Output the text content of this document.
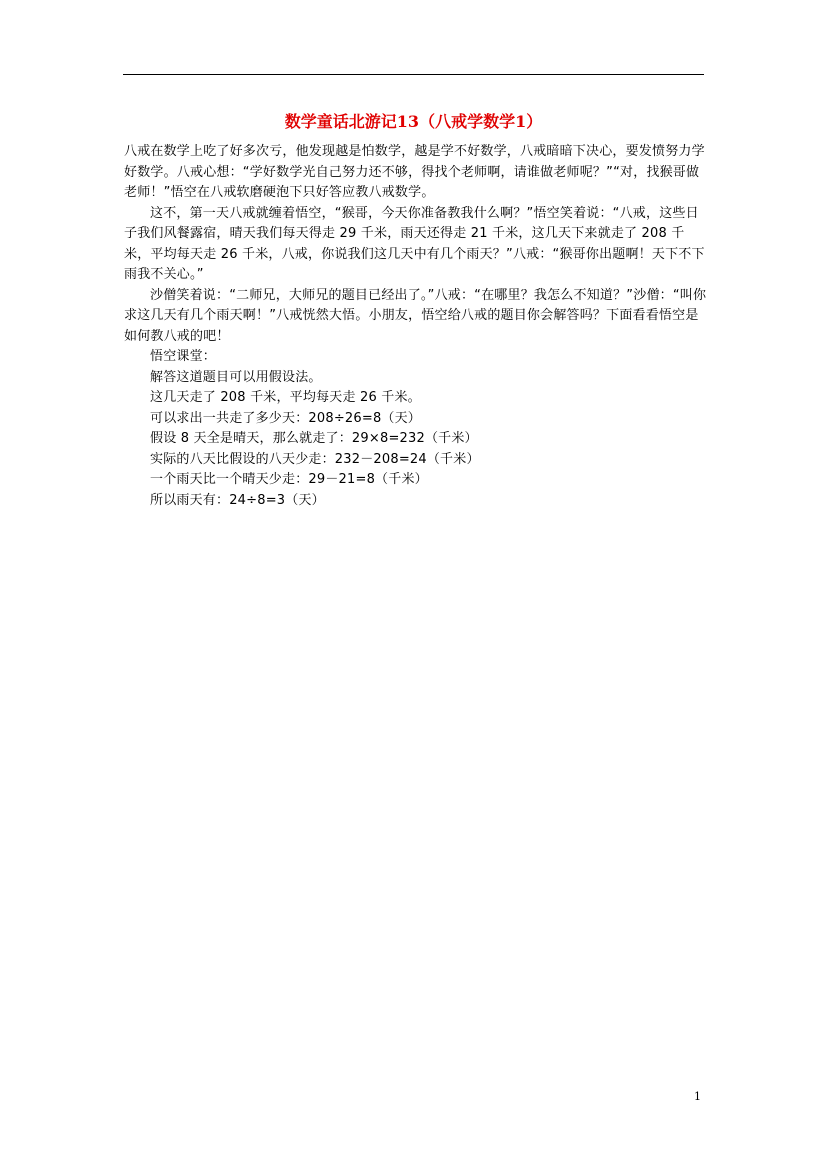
数学童话北游记13（八戒学数学1）

八戒在数学上吃了好多次亏，他发现越是怕数学，越是学不好数学，八戒暗暗下决心，要发愤努力学好数学。八戒心想：“学好数学光自己努力还不够，得找个老师啊，请谁做老师呢？”“对，找猴哥做老师！”悟空在八戒软磨硬泡下只好答应教八戒数学。

这不，第一天八戒就缠着悟空，“猴哥，今天你准备教我什么啊？”悟空笑着说：“八戒，这些日子我们风餐露宿，晴天我们每天得走 29 千米，雨天还得走 21 千米，这几天下来就走了 208 千米，平均每天走 26 千米，八戒，你说我们这几天中有几个雨天？”八戒：“猴哥你出题啊！天下不下雨我不关心。”

沙僧笑着说：“二师兄，大师兄的题目已经出了。”八戒：“在哪里？我怎么不知道？”沙僧：“叫你求这几天有几个雨天啊！”八戒恍然大悟。小朋友，悟空给八戒的题目你会解答吗？下面看看悟空是如何教八戒的吧！

悟空课堂：

解答这道题目可以用假设法。

这几天走了 208 千米，平均每天走 26 千米。

可以求出一共走了多少天：208÷26=8（天）

假设 8 天全是晴天，那么就走了：29×8=232（千米）

实际的八天比假设的八天少走：232－208=24（千米）

一个雨天比一个晴天少走：29－21=8（千米）

所以雨天有：24÷8=3（天）

1
